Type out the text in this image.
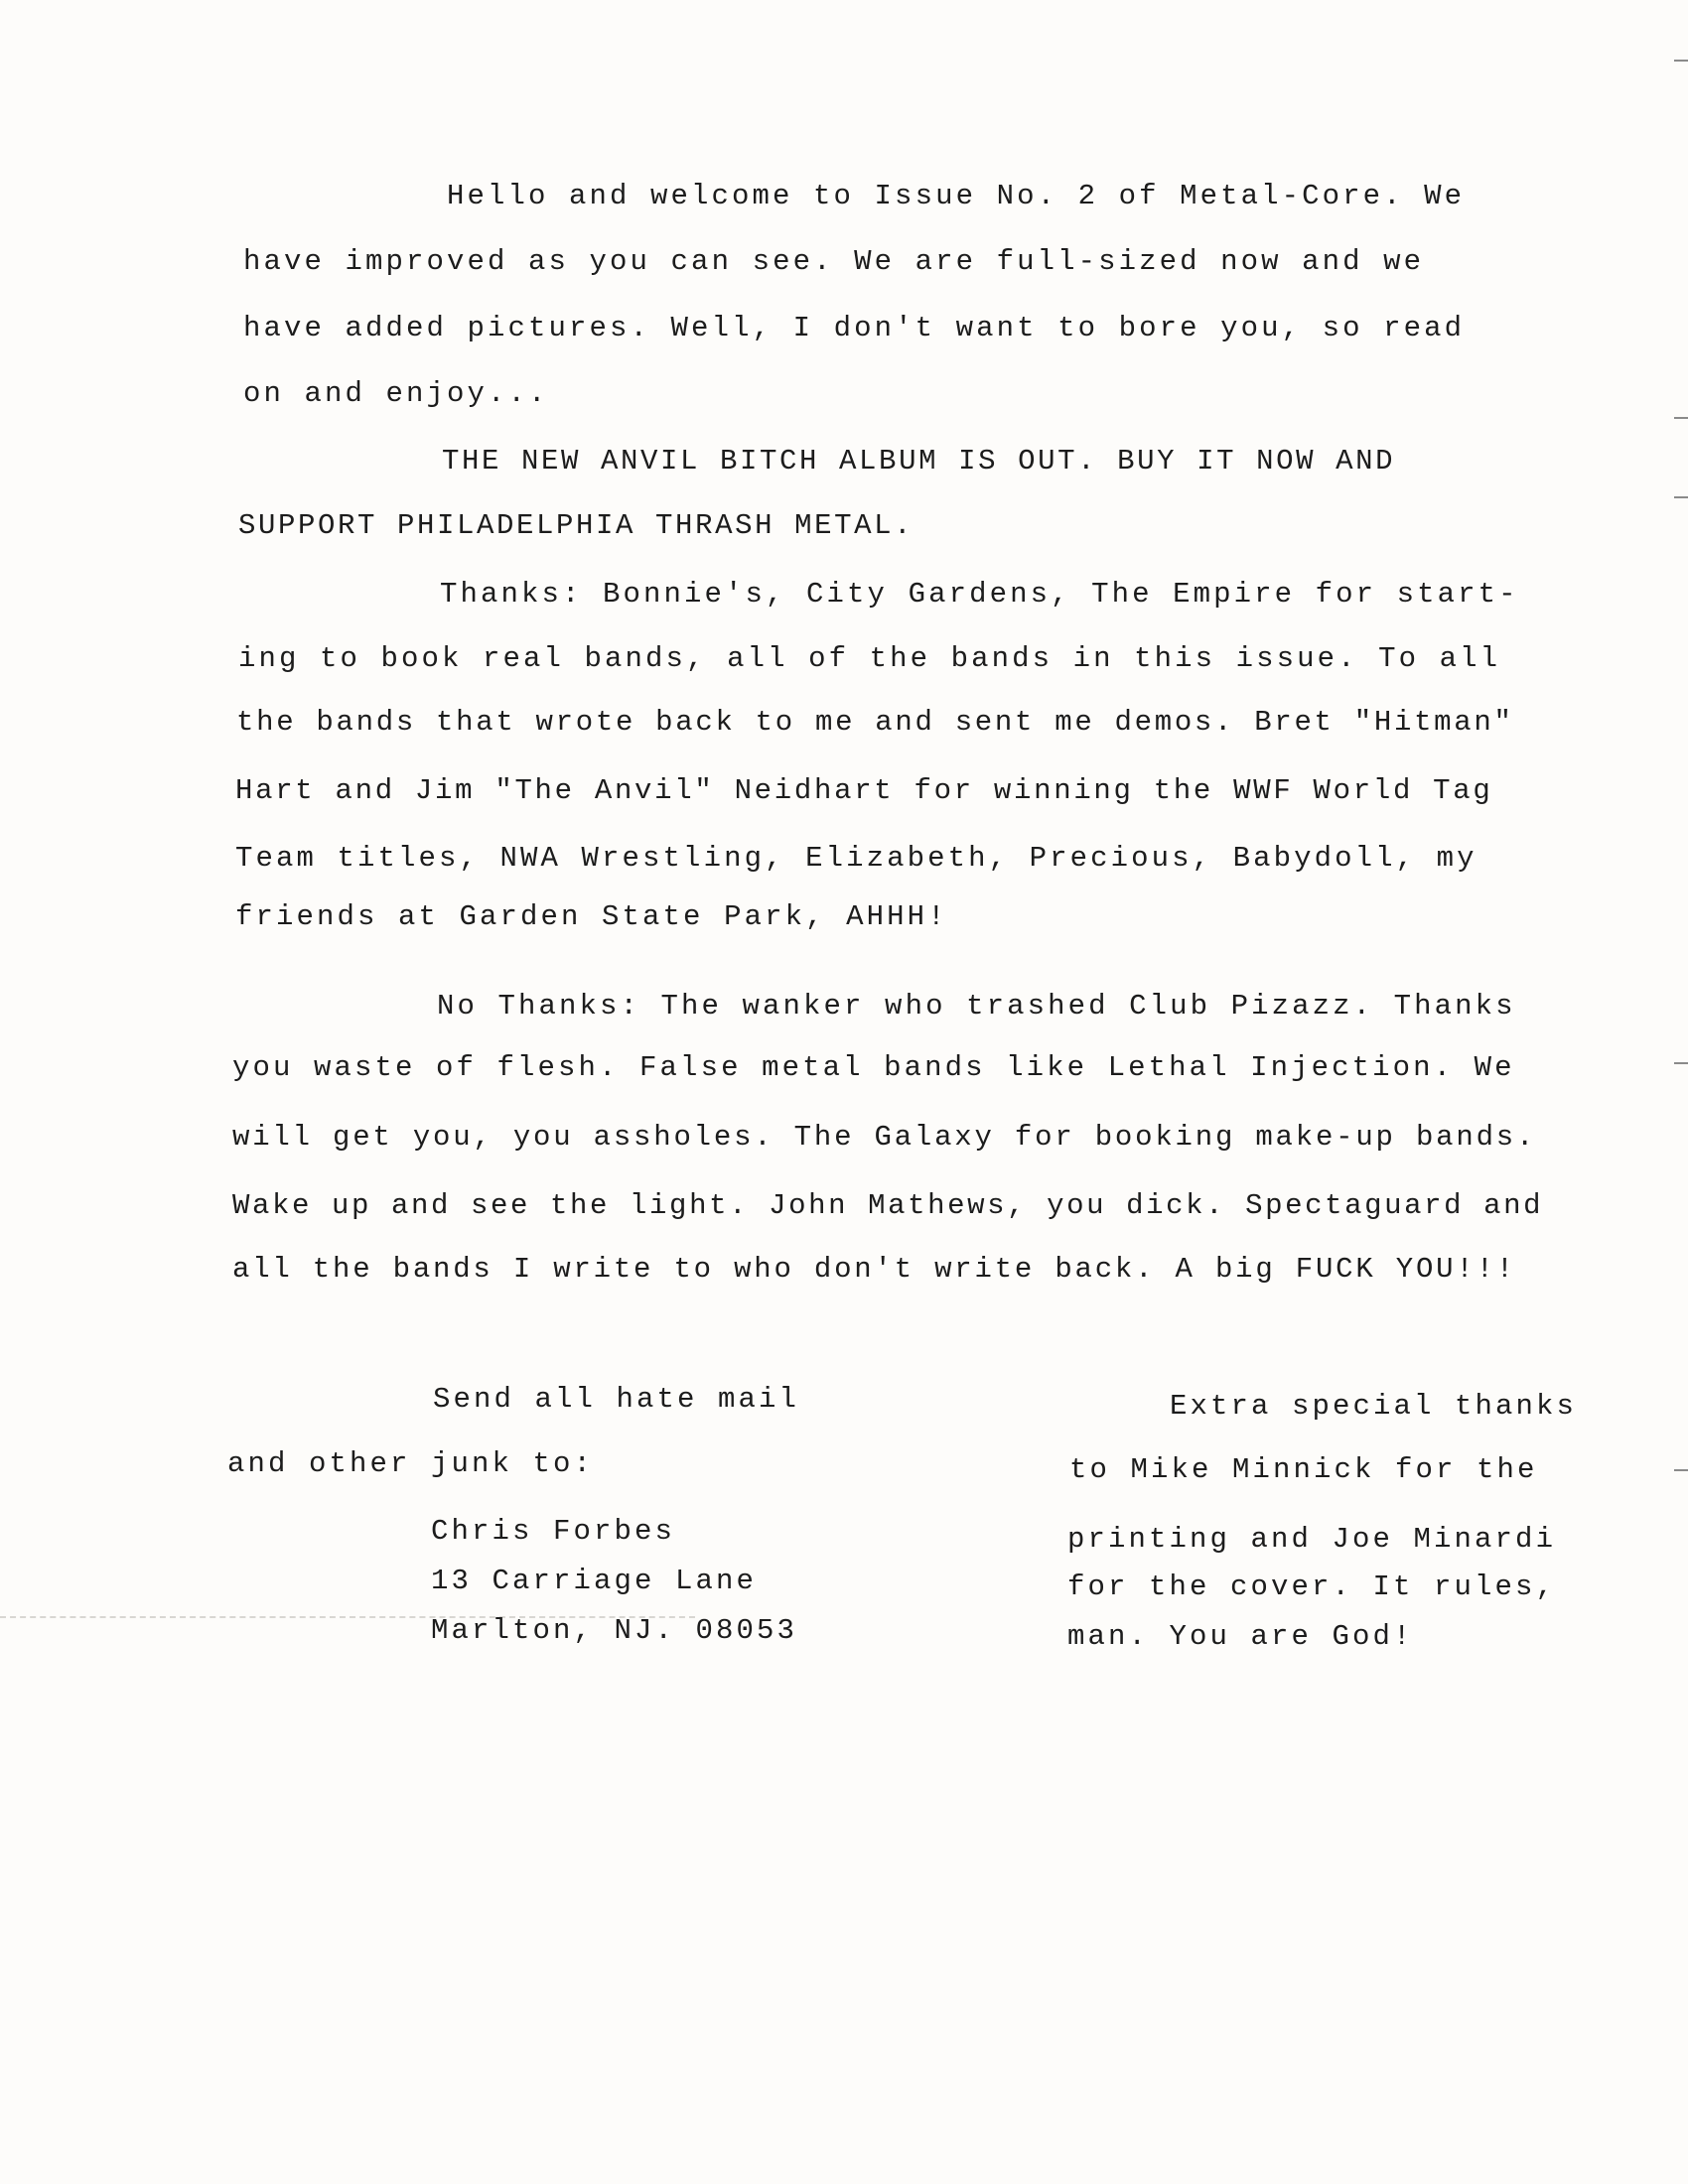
Hello and welcome to Issue No. 2 of Metal-Core. We
have improved as you can see. We are full-sized now and we
have added pictures. Well, I don't want to bore you, so read
on and enjoy...
THE NEW ANVIL BITCH ALBUM IS OUT. BUY IT NOW AND
SUPPORT PHILADELPHIA THRASH METAL.
Thanks: Bonnie's, City Gardens, The Empire for start-
ing to book real bands, all of the bands in this issue. To all
the bands that wrote back to me and sent me demos. Bret "Hitman"
Hart and Jim "The Anvil" Neidhart for winning the WWF World Tag
Team titles, NWA Wrestling, Elizabeth, Precious, Babydoll, my
friends at Garden State Park, AHHH!
No Thanks: The wanker who trashed Club Pizazz. Thanks
you waste of flesh. False metal bands like Lethal Injection. We
will get you, you assholes. The Galaxy for booking make-up bands.
Wake up and see the light. John Mathews, you dick. Spectaguard and
all the bands I write to who don't write back. A big FUCK YOU!!!
Send all hate mail
and other junk to:
Chris Forbes
13 Carriage Lane
Marlton, NJ. 08053
Extra special thanks
to Mike Minnick for the
printing and Joe Minardi
for the cover. It rules,
man. You are God!
